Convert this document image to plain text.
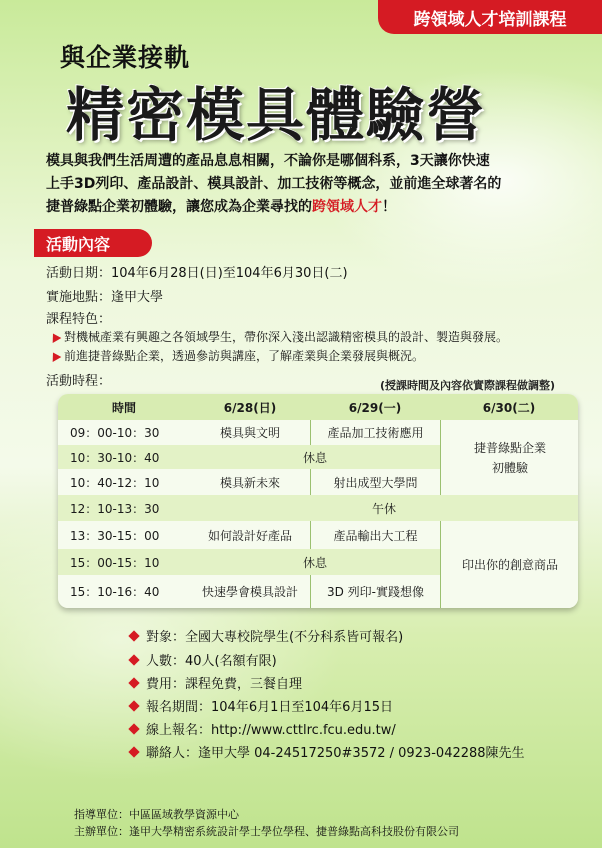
跨領域人才培訓課程
與企業接軌
精密模具體驗營
模具與我們生活周遭的產品息息相關，不論你是哪個科系，3天讓你快速
上手3D列印、產品設計、模具設計、加工技術等概念，並前進全球著名的
捷普綠點企業初體驗，讓您成為企業尋找的跨領域人才！
活動內容
活動日期：104年6月28日(日)至104年6月30日(二)
實施地點：逢甲大學
課程特色：
對機械產業有興趣之各領域學生，帶你深入淺出認識精密模具的設計、製造與發展。
前進捷普綠點企業，透過參訪與講座，了解產業與企業發展與概況。
活動時程：	(授課時間及內容依實際課程做調整)
時間	6/28(日)	6/29(一)	6/30(二)
09：00-10：30	模具與文明	產品加工技術應用
10：30-10：40	休息
10：40-12：10	模具新未來	射出成型大學問
捷普綠點企業
初體驗
12：10-13：30	午休
13：30-15：00	如何設計好產品	產品輸出大工程
15：00-15：10	休息
15：10-16：40	快速學會模具設計	3D 列印-實踐想像
印出你的創意商品
對象：全國大專校院學生(不分科系皆可報名)
人數：40人(名額有限)
費用：課程免費，三餐自理
報名期間：104年6月1日至104年6月15日
線上報名：http://www.cttlrc.fcu.edu.tw/
聯絡人：逢甲大學 04-24517250#3572 / 0923-042288陳先生
指導單位：中區區域教學資源中心
主辦單位：逢甲大學精密系統設計學士學位學程、捷普綠點高科技股份有限公司
